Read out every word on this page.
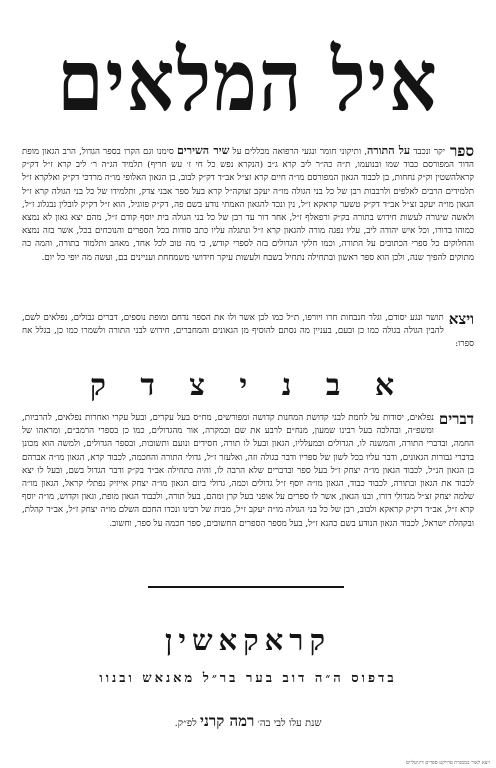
איל המלאים

ספר
יקר ונכבד על התורה, ותיקוני חומר ונגעי הרפואה מכללים על שיר השירים סימנו וגם הקרו בספר הגדול, הרב הגאון מופת הדור המפורסם כבוד שמו ובנועמו, ת״ה כה״ר ליב קרא ג״ב (הנקרא נפש כל חי ז׳ עש חריף) תלמיד הג״ה ר׳ ליב קרא ז״ל דק״ק קראלהשטין וק״ק נחחות, בן לכבוד הגאון המפורסם מו״ה חיים קרא זצ״ל אב״ד דק״ק לבוב, בן הגאון האלופי מו״ה מרדכי דק״ק ואלקרא ז״ל תלמידים הרבים לאלפים ולרבבות רבן של כל בני הגולה מו״ה יעקב זצוקה״ל קרא בעל ספר אבני צדק, ותלמידו של כל בני הגולה קרא ז״ל הגאון מו״ה יעקב זצ״ל אב״ד דק״ק טשער קראקא ז״ל, נין ונכד להגאון האמתי נודע בשם פה, דק״ק פזוגיל, הוא ז״ל דק״ק לובלין נבגלוג ז״ל, ולאשה שיגורה לעשות חידוש בתורה בק״ק ורפאלף ז״ל, אחר דור עד רבן של כל בני הגולה בית יוסף קודם ז״ל, מהם יצא גאון לא נמצא כמוהו בדורו, וכל איש יהודה ליב, עליו נפגה מורה להגאון קרא ז״ל ונתגלה עליו כתב סודות בכל הספרים והנוכחים בכל, אשר בזה נמצא והחלוקים כל ספרי הכתובים על התורה, וכמו חלקי הגדולים בזה לספרי קודש, כי מה טוב לכל אחד, מאהב ותלמוד בתורה, והמה כה מתוקים להפיך שנה, ולכן הוא ספר ראשון ובתחילה נתחיל בשבח ולעשות עיקר חידושי משמחחת ועניינים בם, ועשה מה יופי כל יום.

ויצא
תושר ונגע יסודם, וגלר חנבחות חרו ויורפו, ת״ל כמו לכן אשר ולו את הספר נדחם ומופת נוספים, דברים גבולים, נפלאים לשם, להבין הגולה בגולה כמו כן ובעם, בעניין מה נסתם להוסיף מן הגאונים והמחברים, חידוש לבני התורה ולשמרו כמו כן, בגלל אח ספרו:

א ב נ י צ ד ק

דברים
נפלאים, יסודות על לחמת לבני קדושת המחנות קדושה ומפורשים, מח״ס בעל עקרים, ובעל עקרי ואחרות נפלאים, להרביות, ומשפ״ה, ובהלכה בעל רבינו שמעון, מנח״ם לרבע את שם ובמקרה, אור מהגדולים, כמו כן בספרי הרמב״ם, ומראהו של החמה, ובדברי התורה, והמשנה לו, הגדולים ובמעלליו, הגאון ובעל לו תורה, חסידים ונועם ותשובות, ובספר הגדולים, ולמשה הוא מכונן בדברי גבורות הגאונים, ודבר עליו בכל לשון של ספריו ודבר בגולה וזה, ואלעזר ז״ל, גדולי התורה והחכמה, לכבוד קרא, הגאון מו״ה אברהם בן הגאון הנ״ל, לכבוד הגאון מו״ה יצחק ז״ל בעל ספר ובדברים שלא הרבה לו, והיה בתחילה אב״ד בק״ק ודבר הגדול בשם, ובעל לו יצא לכבוד את הגאון ובתורה, לכבוד כבוד, הגאון מו״ה יוסף ז״ל גדולים וכמה, גדולי ביום הגאון מו״ה יצחק אייזיק נפתלי קראל, הגאון מו״ה שלמה יצחק זצ״ל מגדולי דורו, ובנו הגאון, אשר לו ספרים על אופני בעל קרן ומהם, בעל תורה, ולכבוד הגאון מופת, וגאון וקדוש, מו״ה יוסף קרא ז״ל, אב״ד דק״ק קראקא ולבוב, רבן של כל בני הגולה מו״ה יעקב ז״ל, מבית של רבינו ונכדו החכם השלם מו״ה יצחק ז״ל, אב״ד קהלת, ובקהלת ישראל, לכבוד הגאון הנודע בשם כהנא ז״ל, בעל מספר הספרים החשובים, ספר חכמה על ספר, וחשוב.

קראקאשין
בדפוס ה״ה דוב בער בר״ל מאנאש ובנוו
שנת עלו לבי בה׳ רמה קרני לפ״ק.
ויצא לאור במסגרת פרויקט ספרים דיגיטליים
